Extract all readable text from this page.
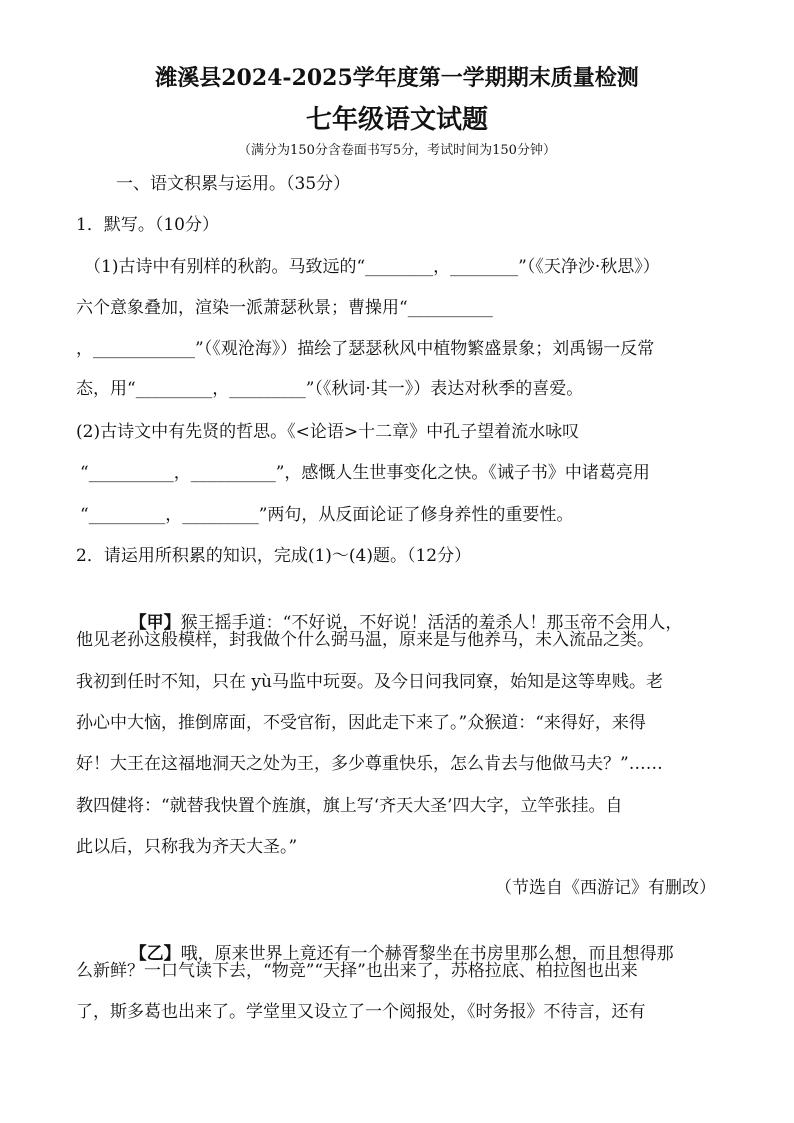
潍溪县2024-2025学年度第一学期期末质量检测
七年级语文试题
（满分为150分含卷面书写5分，考试时间为150分钟）
一、语文积累与运用。（35分）
1．默写。（10分）
（1)古诗中有别样的秋韵。马致远的“________，________”（《天净沙·秋思》）
六个意象叠加，渲染一派萧瑟秋景；曹操用“__________
，____________”（《观沧海》）描绘了瑟瑟秋风中植物繁盛景象；刘禹锡一反常
态，用“_________，_________”（《秋词·其一》）表达对秋季的喜爱。
(2)古诗文中有先贤的哲思。《<论语>十二章》中孔子望着流水咏叹
“__________，__________”，感慨人生世事变化之快。《诫子书》中诸葛亮用
“_________，_________”两句，从反面论证了修身养性的重要性。
2．请运用所积累的知识，完成(1)～(4)题。（12分）

【甲】猴王摇手道：“不好说，不好说！活活的羞杀人！那玉帝不会用人，

他见老孙这般模样，封我做个什么弼马温，原来是与他养马，未入流品之类。
我初到任时不知，只在 yù马监中玩耍。及今日问我同寮，始知是这等卑贱。老
孙心中大恼，推倒席面，不受官衔，因此走下来了。”众猴道：“来得好，来得
好！大王在这福地洞天之处为王，多少尊重快乐，怎么肯去与他做马夫？”……
教四健将：“就替我快置个旌旗，旗上写‘齐天大圣’四大字，立竿张挂。自
此以后，只称我为齐天大圣。”
（节选自《西游记》有删改）

【乙】哦，原来世界上竟还有一个赫胥黎坐在书房里那么想，而且想得那

么新鲜？一口气读下去，“物竞”“天择”也出来了，苏格拉底、柏拉图也出来
了，斯多葛也出来了。学堂里又设立了一个阅报处，《时务报》不待言，还有
